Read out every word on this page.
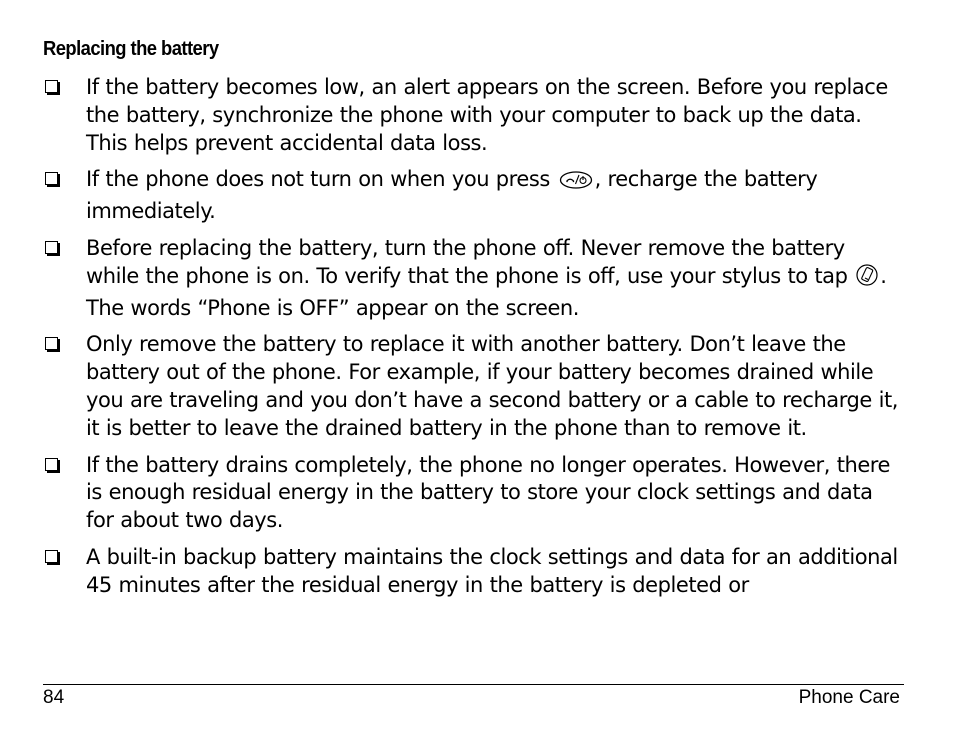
Replacing the battery
If the battery becomes low, an alert appears on the screen. Before you replace the battery, synchronize the phone with your computer to back up the data. This helps prevent accidental data loss.
If the phone does not turn on when you press , recharge the battery immediately.
Before replacing the battery, turn the phone off. Never remove the battery while the phone is on. To verify that the phone is off, use your stylus to tap . The words “Phone is OFF” appear on the screen.
Only remove the battery to replace it with another battery. Don’t leave the battery out of the phone. For example, if your battery becomes drained while you are traveling and you don’t have a second battery or a cable to recharge it, it is better to leave the drained battery in the phone than to remove it.
If the battery drains completely, the phone no longer operates. However, there is enough residual energy in the battery to store your clock settings and data for about two days.
A built-in backup battery maintains the clock settings and data for an additional 45 minutes after the residual energy in the battery is depleted or
84	Phone Care
